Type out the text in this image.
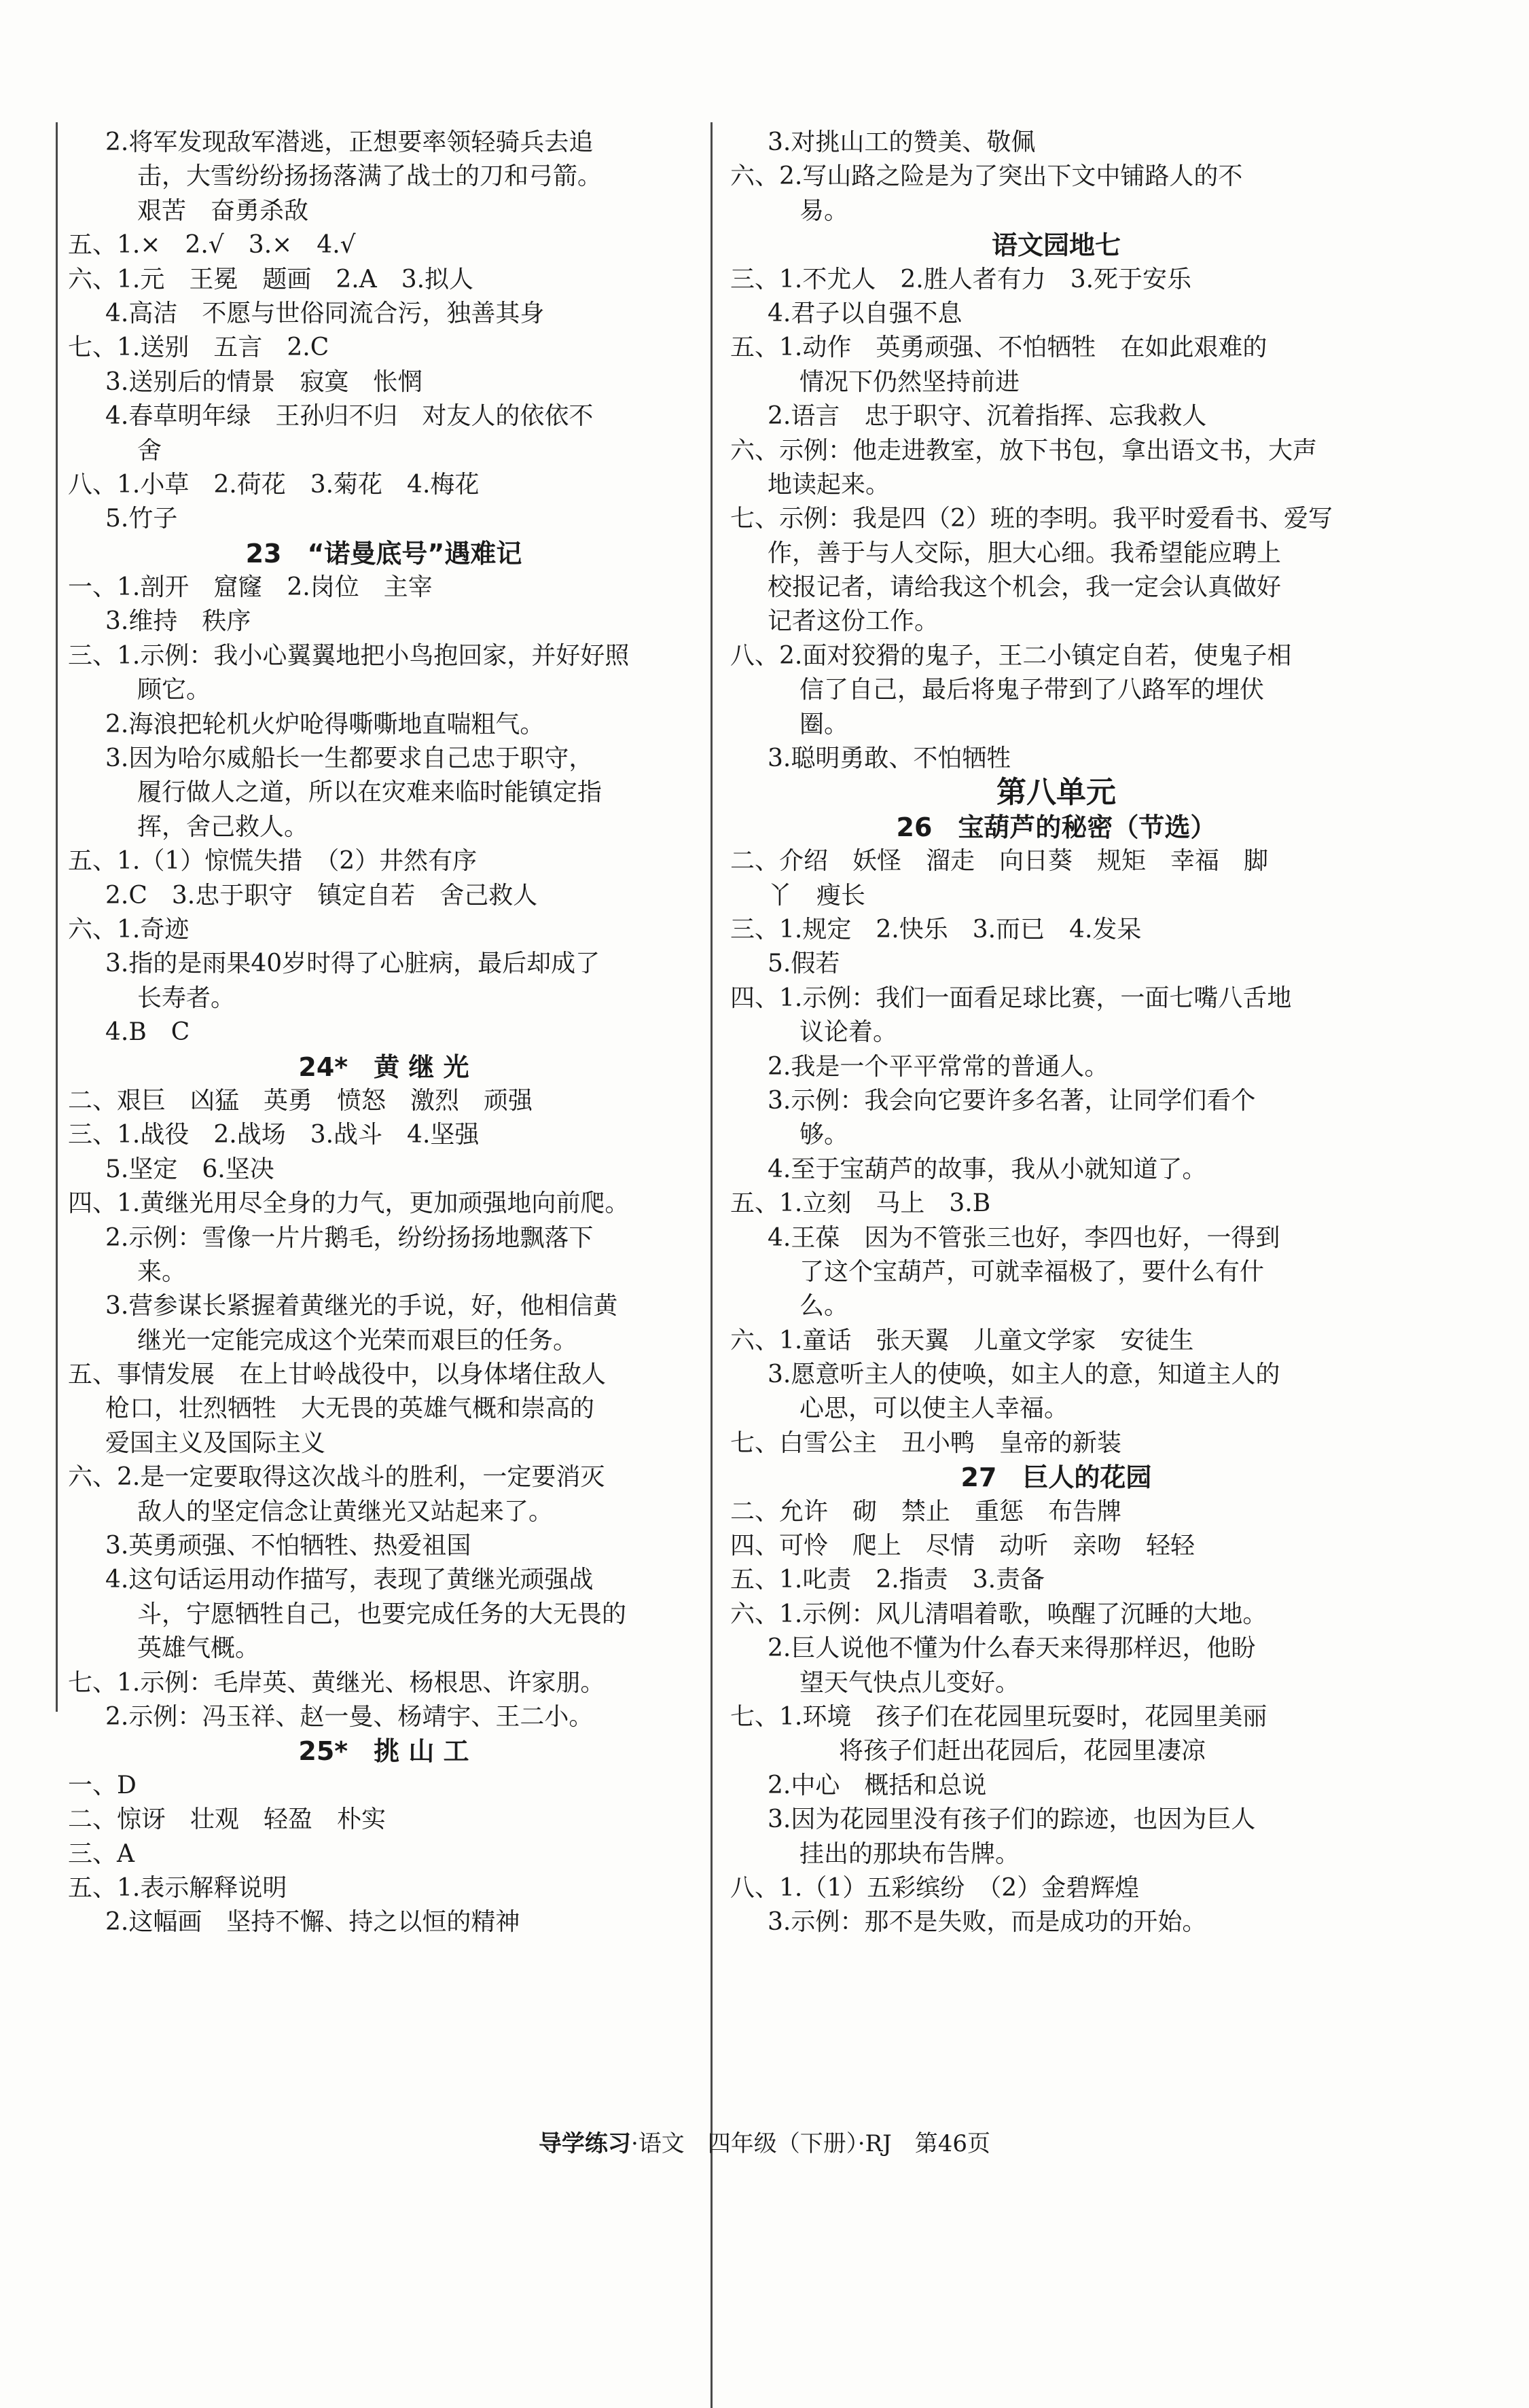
2.将军发现敌军潜逃，正想要率领轻骑兵去追
击，大雪纷纷扬扬落满了战士的刀和弓箭。
艰苦　奋勇杀敌
五、1.×　2.√　3.×　4.√
六、1.元　王冕　题画　2.A　3.拟人
4.高洁　不愿与世俗同流合污，独善其身
七、1.送别　五言　2.C
3.送别后的情景　寂寞　怅惘
4.春草明年绿　王孙归不归　对友人的依依不
舍
八、1.小草　2.荷花　3.菊花　4.梅花
5.竹子
23　“诺曼底号”遇难记
一、1.剖开　窟窿　2.岗位　主宰
3.维持　秩序
三、1.示例：我小心翼翼地把小鸟抱回家，并好好照
顾它。
2.海浪把轮机火炉呛得嘶嘶地直喘粗气。
3.因为哈尔威船长一生都要求自己忠于职守，
履行做人之道，所以在灾难来临时能镇定指
挥，舍己救人。
五、1.（1）惊慌失措　（2）井然有序
2.C　3.忠于职守　镇定自若　舍己救人
六、1.奇迹
3.指的是雨果40岁时得了心脏病，最后却成了
长寿者。
4.B　C
24*　黄 继 光
二、艰巨　凶猛　英勇　愤怒　激烈　顽强
三、1.战役　2.战场　3.战斗　4.坚强
5.坚定　6.坚决
四、1.黄继光用尽全身的力气，更加顽强地向前爬。
2.示例：雪像一片片鹅毛，纷纷扬扬地飘落下
来。
3.营参谋长紧握着黄继光的手说，好，他相信黄
继光一定能完成这个光荣而艰巨的任务。
五、事情发展　在上甘岭战役中，以身体堵住敌人
枪口，壮烈牺牲　大无畏的英雄气概和崇高的
爱国主义及国际主义
六、2.是一定要取得这次战斗的胜利，一定要消灭
敌人的坚定信念让黄继光又站起来了。
3.英勇顽强、不怕牺牲、热爱祖国
4.这句话运用动作描写，表现了黄继光顽强战
斗，宁愿牺牲自己，也要完成任务的大无畏的
英雄气概。
七、1.示例：毛岸英、黄继光、杨根思、许家朋。
2.示例：冯玉祥、赵一曼、杨靖宇、王二小。
25*　挑 山 工
一、D
二、惊讶　壮观　轻盈　朴实
三、A
五、1.表示解释说明
2.这幅画　坚持不懈、持之以恒的精神
3.对挑山工的赞美、敬佩
六、2.写山路之险是为了突出下文中铺路人的不
易。
语文园地七
三、1.不尤人　2.胜人者有力　3.死于安乐
4.君子以自强不息
五、1.动作　英勇顽强、不怕牺牲　在如此艰难的
情况下仍然坚持前进
2.语言　忠于职守、沉着指挥、忘我救人
六、示例：他走进教室，放下书包，拿出语文书，大声
地读起来。
七、示例：我是四（2）班的李明。我平时爱看书、爱写
作，善于与人交际，胆大心细。我希望能应聘上
校报记者，请给我这个机会，我一定会认真做好
记者这份工作。
八、2.面对狡猾的鬼子，王二小镇定自若，使鬼子相
信了自己，最后将鬼子带到了八路军的埋伏
圈。
3.聪明勇敢、不怕牺牲
第八单元
26　宝葫芦的秘密（节选）
二、介绍　妖怪　溜走　向日葵　规矩　幸福　脚
丫　瘦长
三、1.规定　2.快乐　3.而已　4.发呆
5.假若
四、1.示例：我们一面看足球比赛，一面七嘴八舌地
议论着。
2.我是一个平平常常的普通人。
3.示例：我会向它要许多名著，让同学们看个
够。
4.至于宝葫芦的故事，我从小就知道了。
五、1.立刻　马上　3.B
4.王葆　因为不管张三也好，李四也好，一得到
了这个宝葫芦，可就幸福极了，要什么有什
么。
六、1.童话　张天翼　儿童文学家　安徒生
3.愿意听主人的使唤，如主人的意，知道主人的
心思，可以使主人幸福。
七、白雪公主　丑小鸭　皇帝的新装
27　巨人的花园
二、允许　砌　禁止　重惩　布告牌
四、可怜　爬上　尽情　动听　亲吻　轻轻
五、1.叱责　2.指责　3.责备
六、1.示例：风儿清唱着歌，唤醒了沉睡的大地。
2.巨人说他不懂为什么春天来得那样迟，他盼
望天气快点儿变好。
七、1.环境　孩子们在花园里玩耍时，花园里美丽
将孩子们赶出花园后，花园里凄凉
2.中心　概括和总说
3.因为花园里没有孩子们的踪迹，也因为巨人
挂出的那块布告牌。
八、1.（1）五彩缤纷　（2）金碧辉煌
3.示例：那不是失败，而是成功的开始。
导学练习·语文　四年级（下册）·RJ　第46页
